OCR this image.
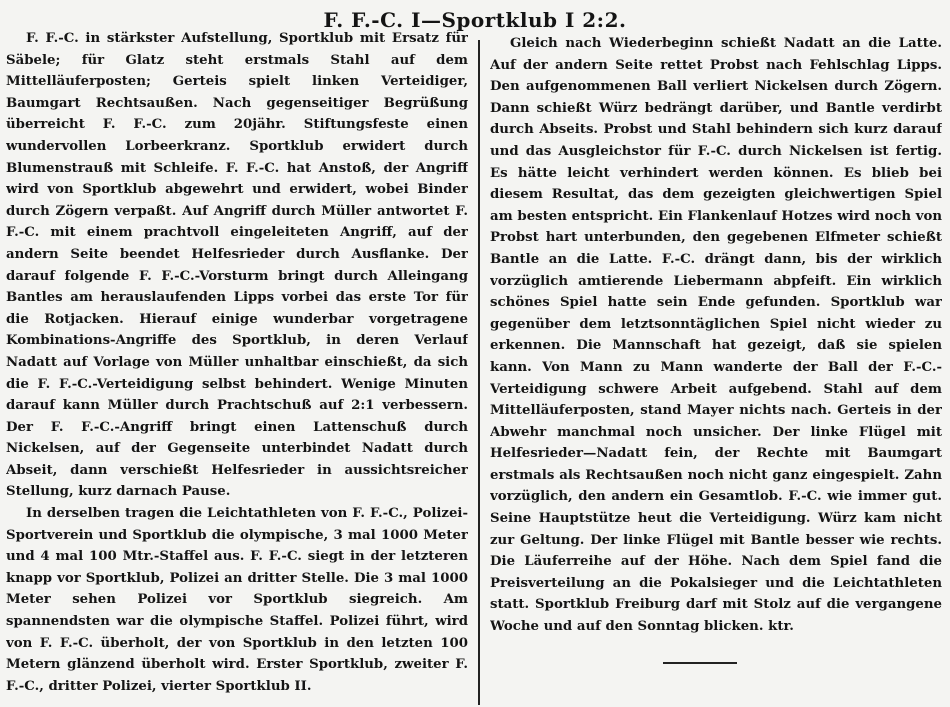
F. F.-C. I—Sportklub I 2:2.

F. F.-C. in stärkster Aufstellung, Sportklub mit Ersatz für Säbele; für Glatz steht erstmals Stahl auf dem Mittelläuferposten; Gerteis spielt linken Verteidiger, Baumgart Rechtsaußen. Nach gegenseitiger Begrüßung überreicht F. F.-C. zum 20jähr. Stiftungsfeste einen wundervollen Lorbeerkranz. Sportklub erwidert durch Blumenstrauß mit Schleife. F. F.-C. hat Anstoß, der Angriff wird von Sportklub abgewehrt und erwidert, wobei Binder durch Zögern verpaßt. Auf Angriff durch Müller antwortet F. F.-C. mit einem prachtvoll eingeleiteten Angriff, auf der andern Seite beendet Helfesrieder durch Ausflanke. Der darauf folgende F. F.-C.-Vorsturm bringt durch Alleingang Bantles am herauslaufenden Lipps vorbei das erste Tor für die Rotjacken. Hierauf einige wunderbar vorgetragene Kombinations-Angriffe des Sportklub, in deren Verlauf Nadatt auf Vorlage von Müller unhaltbar einschießt, da sich die F. F.-C.-Verteidigung selbst behindert. Wenige Minuten darauf kann Müller durch Prachtschuß auf 2:1 verbessern. Der F. F.-C.-Angriff bringt einen Lattenschuß durch Nickelsen, auf der Gegenseite unterbindet Nadatt durch Abseit, dann verschießt Helfesrieder in aussichtsreicher Stellung, kurz darnach Pause.

In derselben tragen die Leichtathleten von F. F.-C., Polizei-Sportverein und Sportklub die olympische, 3 mal 1000 Meter und 4 mal 100 Mtr.-Staffel aus. F. F.-C. siegt in der letzteren knapp vor Sportklub, Polizei an dritter Stelle. Die 3 mal 1000 Meter sehen Polizei vor Sportklub siegreich. Am spannendsten war die olympische Staffel. Polizei führt, wird von F. F.-C. überholt, der von Sportklub in den letzten 100 Metern glänzend überholt wird. Erster Sportklub, zweiter F. F.-C., dritter Polizei, vierter Sportklub II.

Gleich nach Wiederbeginn schießt Nadatt an die Latte. Auf der andern Seite rettet Probst nach Fehlschlag Lipps. Den aufgenommenen Ball verliert Nickelsen durch Zögern. Dann schießt Würz bedrängt darüber, und Bantle verdirbt durch Abseits. Probst und Stahl behindern sich kurz darauf und das Ausgleichstor für F.-C. durch Nickelsen ist fertig. Es hätte leicht verhindert werden können. Es blieb bei diesem Resultat, das dem gezeigten gleichwertigen Spiel am besten entspricht. Ein Flankenlauf Hotzes wird noch von Probst hart unterbunden, den gegebenen Elfmeter schießt Bantle an die Latte. F.-C. drängt dann, bis der wirklich vorzüglich amtierende Liebermann abpfeift. Ein wirklich schönes Spiel hatte sein Ende gefunden. Sportklub war gegenüber dem letztsonntäglichen Spiel nicht wieder zu erkennen. Die Mannschaft hat gezeigt, daß sie spielen kann. Von Mann zu Mann wanderte der Ball der F.-C.-Verteidigung schwere Arbeit aufgebend. Stahl auf dem Mittelläuferposten, stand Mayer nichts nach. Gerteis in der Abwehr manchmal noch unsicher. Der linke Flügel mit Helfesrieder—Nadatt fein, der Rechte mit Baumgart erstmals als Rechtsaußen noch nicht ganz eingespielt. Zahn vorzüglich, den andern ein Gesamtlob. F.-C. wie immer gut. Seine Hauptstütze heut die Verteidigung. Würz kam nicht zur Geltung. Der linke Flügel mit Bantle besser wie rechts. Die Läuferreihe auf der Höhe. Nach dem Spiel fand die Preisverteilung an die Pokalsieger und die Leichtathleten statt. Sportklub Freiburg darf mit Stolz auf die vergangene Woche und auf den Sonntag blicken. ktr.
